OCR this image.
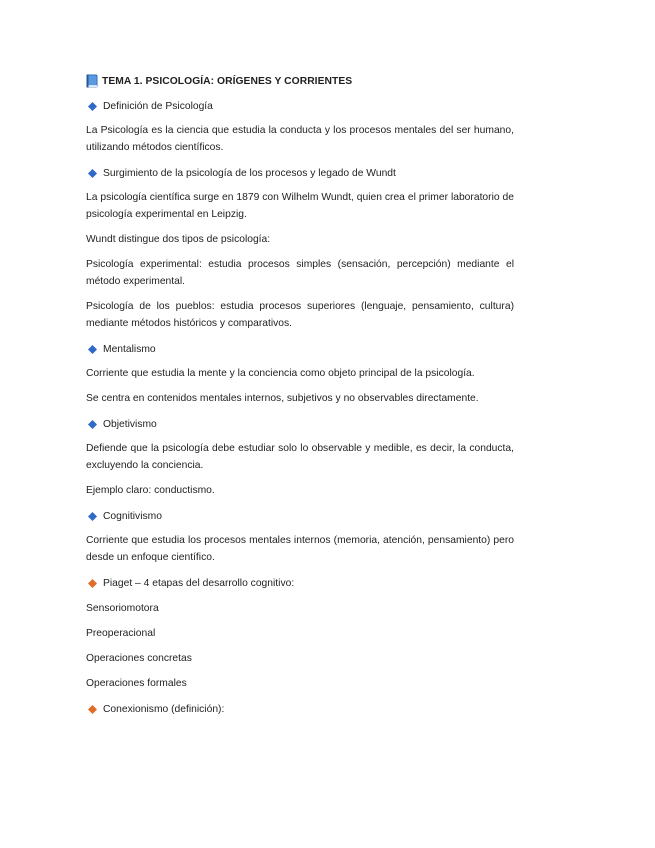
TEMA 1. PSICOLOGÍA: ORÍGENES Y CORRIENTES
Definición de Psicología

La Psicología es la ciencia que estudia la conducta y los procesos mentales del ser humano, utilizando métodos científicos.

Surgimiento de la psicología de los procesos y legado de Wundt

La psicología científica surge en 1879 con Wilhelm Wundt, quien crea el primer laboratorio de psicología experimental en Leipzig.

Wundt distingue dos tipos de psicología:

Psicología experimental: estudia procesos simples (sensación, percepción) mediante el método experimental.

Psicología de los pueblos: estudia procesos superiores (lenguaje, pensamiento, cultura) mediante métodos históricos y comparativos.

Mentalismo

Corriente que estudia la mente y la conciencia como objeto principal de la psicología.

Se centra en contenidos mentales internos, subjetivos y no observables directamente.

Objetivismo

Defiende que la psicología debe estudiar solo lo observable y medible, es decir, la conducta, excluyendo la conciencia.

Ejemplo claro: conductismo.

Cognitivismo

Corriente que estudia los procesos mentales internos (memoria, atención, pensamiento) pero desde un enfoque científico.

Piaget – 4 etapas del desarrollo cognitivo:
Sensoriomotora
Preoperacional
Operaciones concretas
Operaciones formales
Conexionismo (definición):
